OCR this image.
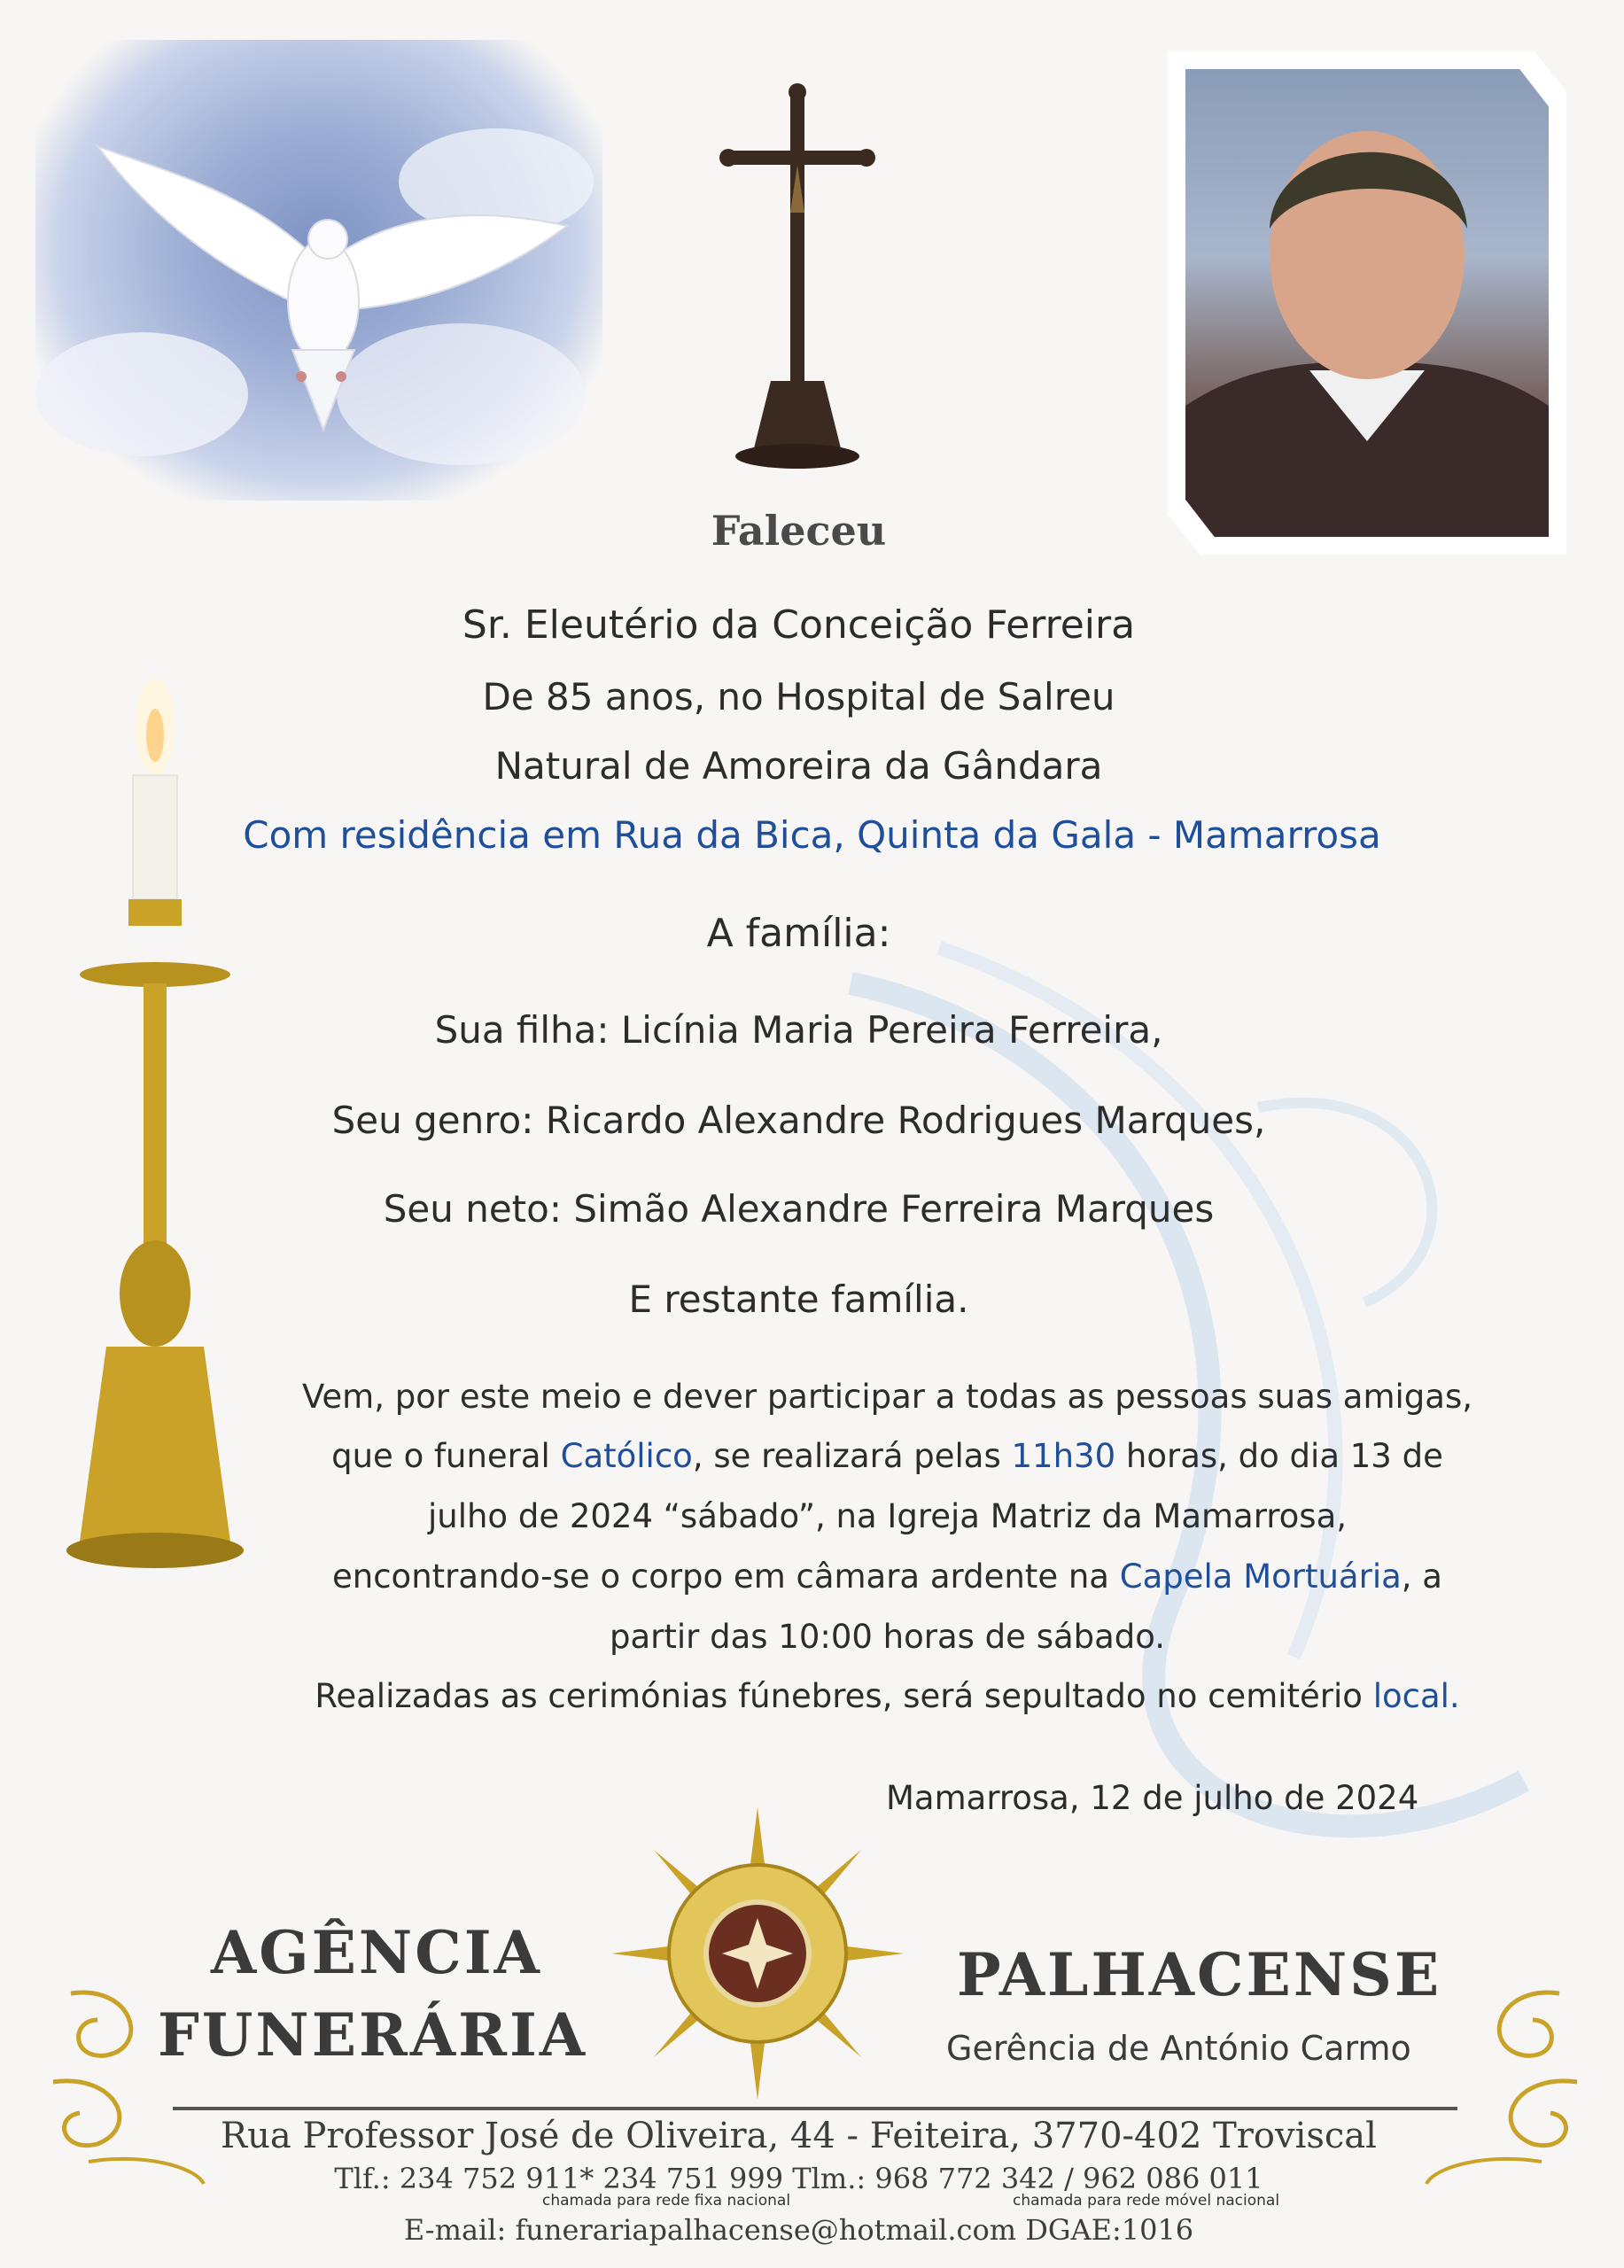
Faleceu
Sr. Eleutério da Conceição Ferreira
De 85 anos, no Hospital de Salreu
Natural de Amoreira da Gândara
Com residência em Rua da Bica, Quinta da Gala - Mamarrosa
A família:
Sua filha: Licínia Maria Pereira Ferreira,
Seu genro: Ricardo Alexandre Rodrigues Marques,
Seu neto: Simão Alexandre Ferreira Marques
E restante família.
Vem, por este meio e dever participar a todas as pessoas suas amigas,
que o funeral Católico, se realizará pelas 11h30 horas, do dia 13 de
julho de 2024 “sábado”, na Igreja Matriz da Mamarrosa,
encontrando-se o corpo em câmara ardente na Capela Mortuária, a
partir das 10:00 horas de sábado.
Realizadas as cerimónias fúnebres, será sepultado no cemitério local.
Mamarrosa, 12 de julho de 2024
AGÊNCIA
FUNERÁRIA
PALHACENSE
Gerência de António Carmo
Rua Professor José de Oliveira, 44 - Feiteira, 3770-402 Troviscal
Tlf.: 234 752 911* 234 751 999 Tlm.: 968 772 342 / 962 086 011
chamada para rede fixa nacional	chamada para rede móvel nacional
E-mail: funerariapalhacense@hotmail.com DGAE:1016
